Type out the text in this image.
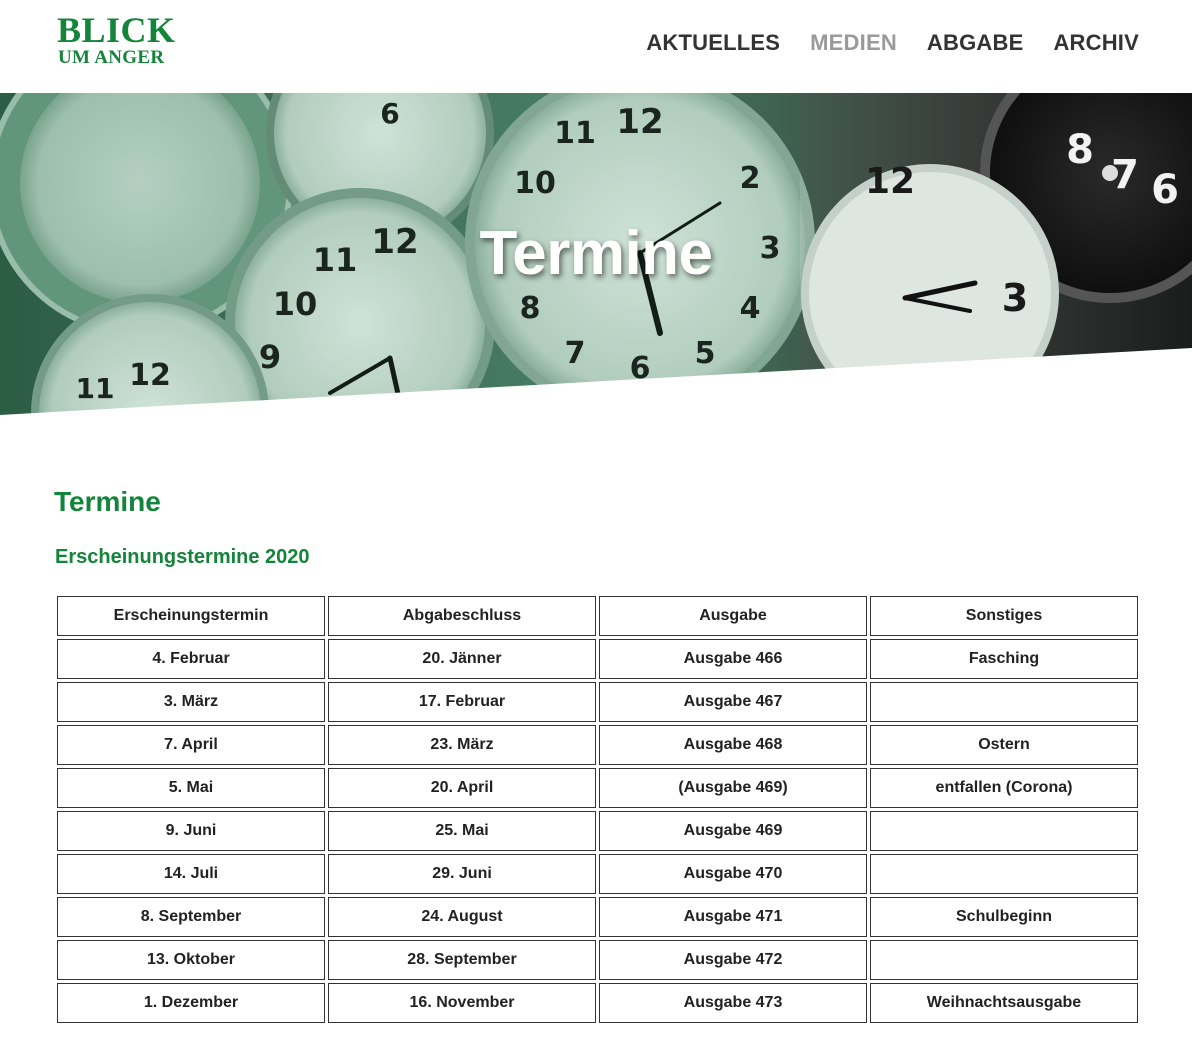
BLICK
UM ANGER
AKTUELLES MEDIEN ABGABE ARCHIV
12
2
3
4
5
6
7
8
10
11
12
11
10
9
6
12
3
12
11
8
7 6
Termine
Termine
Erscheinungstermine 2020
Erscheinungstermin	Abgabeschluss	Ausgabe	Sonstiges
4. Februar	20. Jänner	Ausgabe 466	Fasching
3. März	17. Februar	Ausgabe 467	
7. April	23. März	Ausgabe 468	Ostern
5. Mai	20. April	(Ausgabe 469)	entfallen (Corona)
9. Juni	25. Mai	Ausgabe 469	
14. Juli	29. Juni	Ausgabe 470	
8. September	24. August	Ausgabe 471	Schulbeginn
13. Oktober	28. September	Ausgabe 472	
1. Dezember	16. November	Ausgabe 473	Weihnachtsausgabe
